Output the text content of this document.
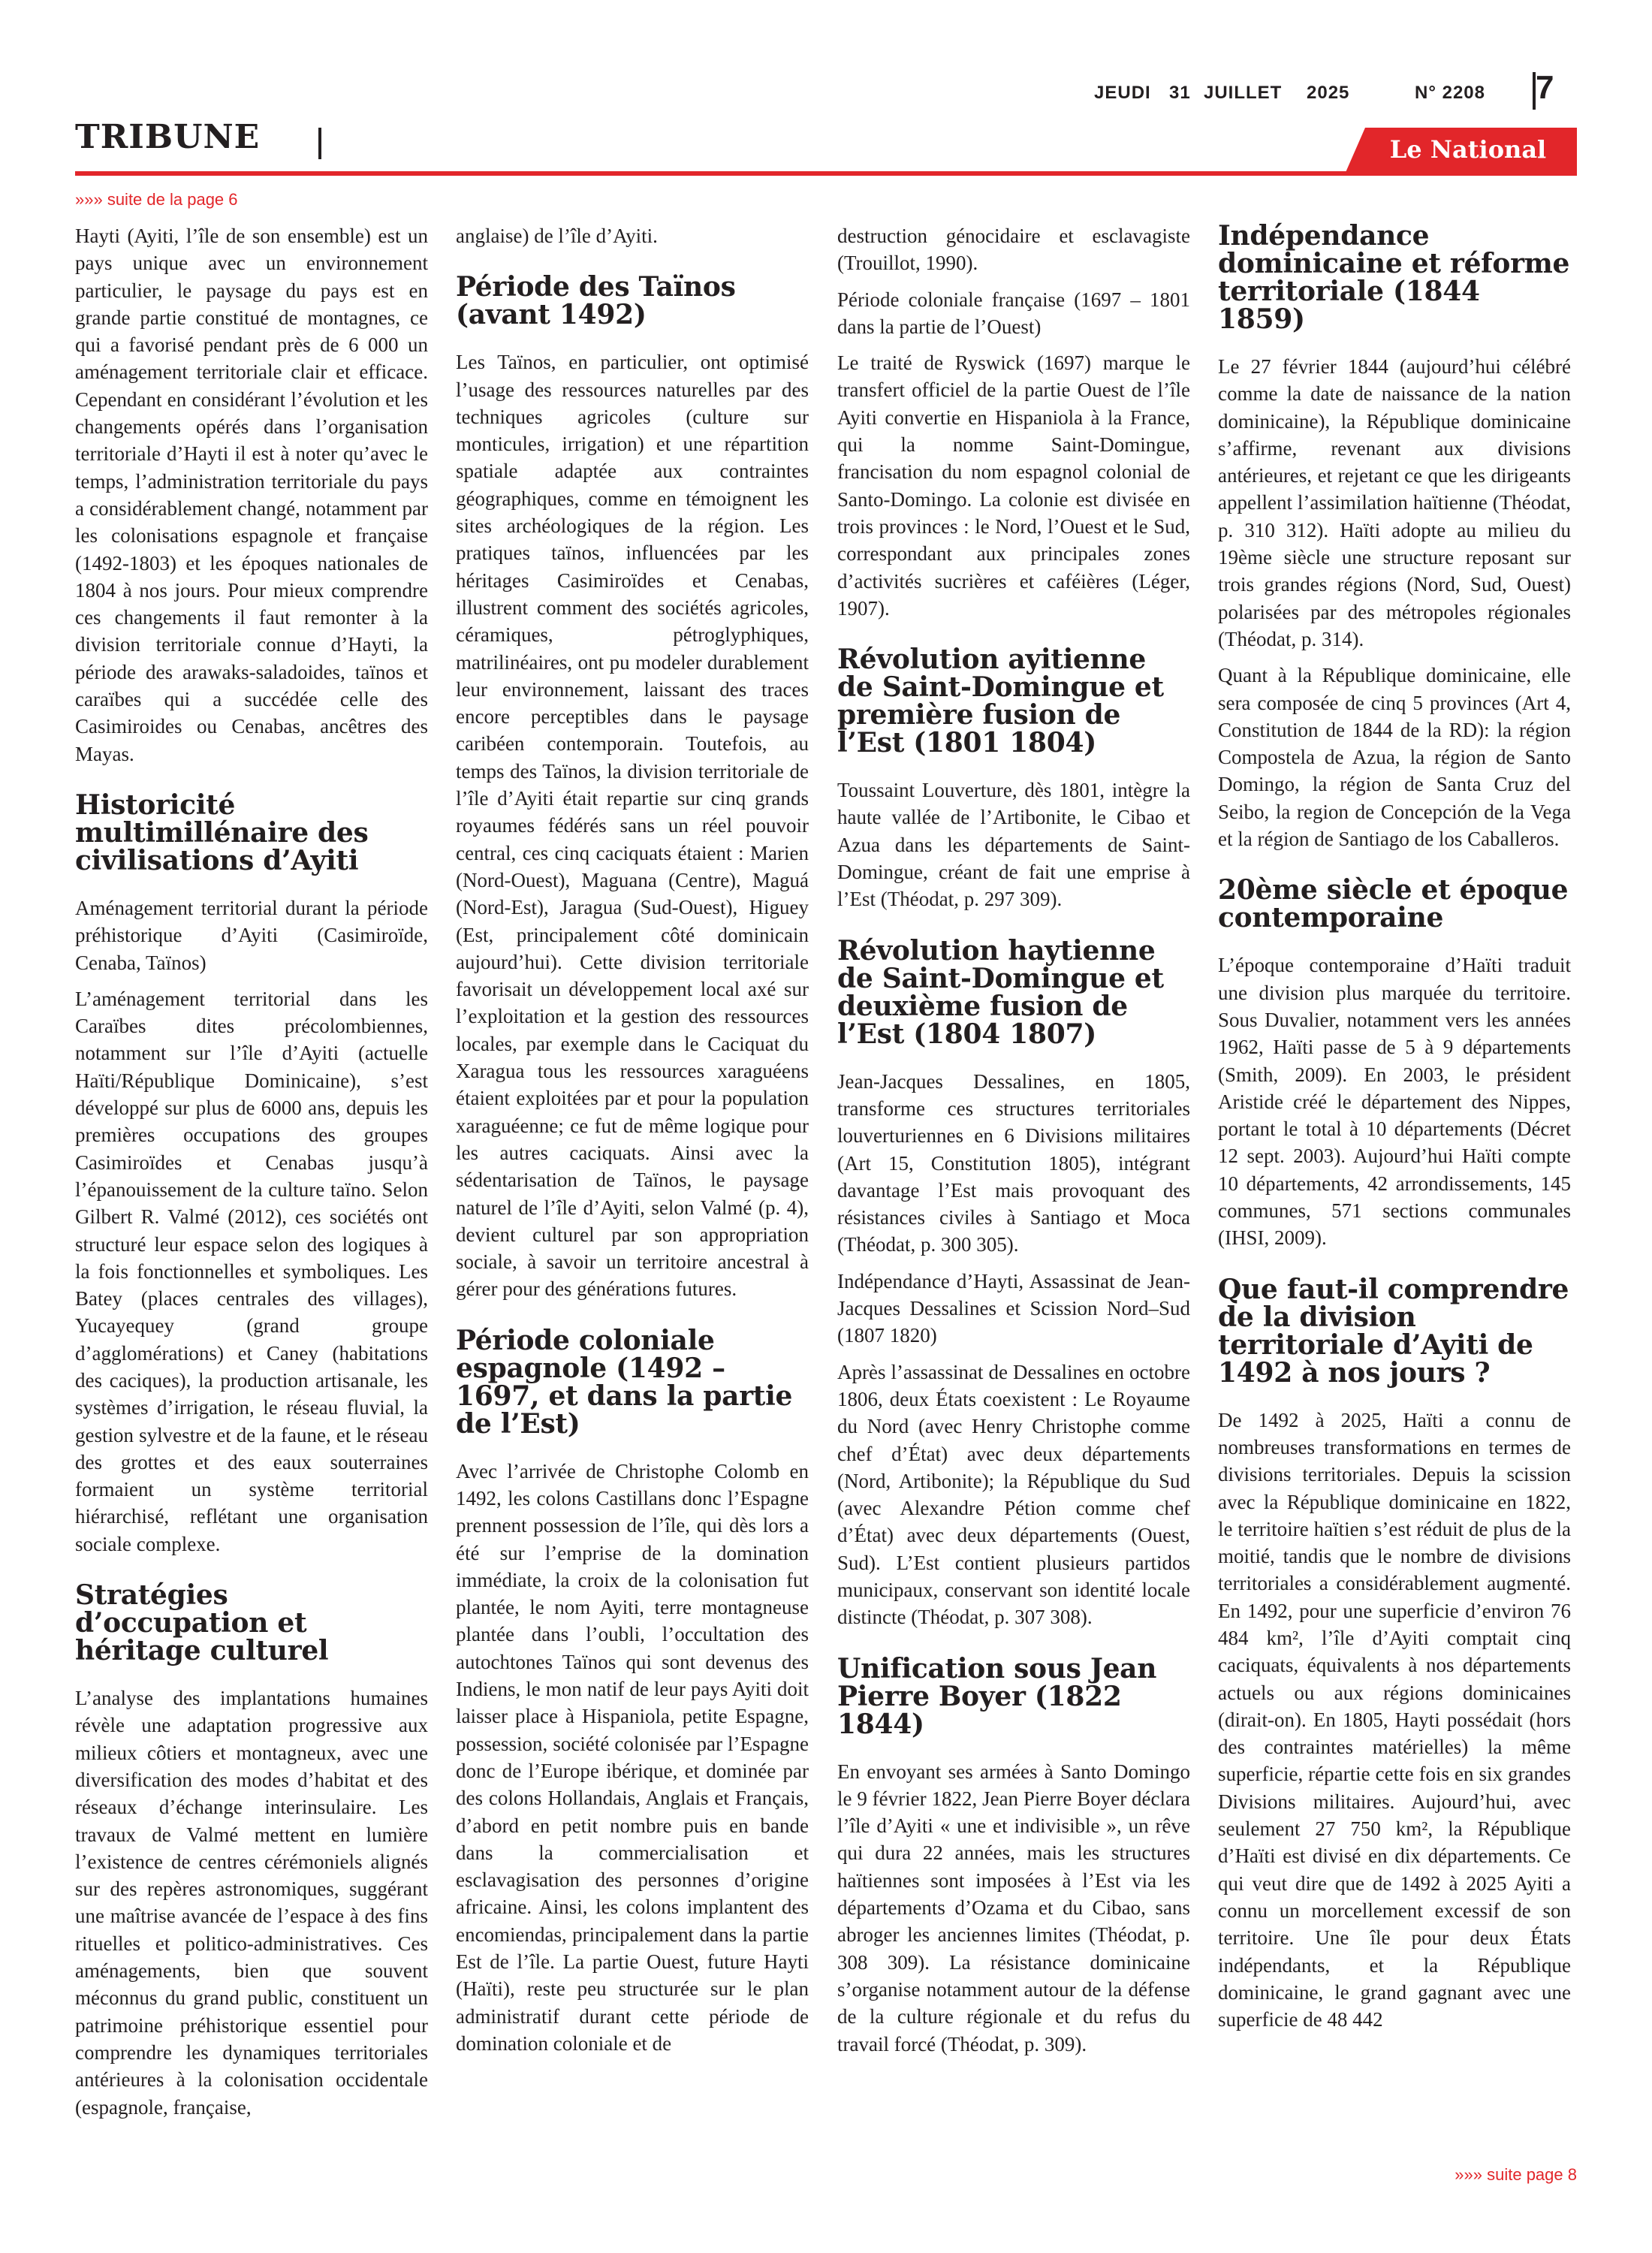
JEUDI 31 JUILLET 2025	N° 2208 7
TRIBUNE	Le National
»»» suite de la page 6

Hayti (Ayiti, l’île de son ensemble) est un pays unique avec un environnement particulier, le paysage du pays est en grande partie constitué de montagnes, ce qui a favorisé pendant près de 6 000 un aménagement territoriale clair et efficace. Cependant en considérant l’évolution et les changements opérés dans l’organisation territoriale d’Hayti il est à noter qu’avec le temps, l’administration territoriale du pays a considérablement changé, notamment par les colonisations espagnole et française (1492-1803) et les époques nationales de 1804 à nos jours. Pour mieux comprendre ces changements il faut remonter à la division territoriale connue d’Hayti, la période des arawaks-saladoides, taïnos et caraïbes qui a succédée celle des Casimiroides ou Cenabas, ancêtres des Mayas.

Historicité multimillénaire des civilisations d’Ayiti

Aménagement territorial durant la période préhistorique d’Ayiti (Casimiroïde, Cenaba, Taïnos)

L’aménagement territorial dans les Caraïbes dites précolombiennes, notamment sur l’île d’Ayiti (actuelle Haïti/République Dominicaine), s’est développé sur plus de 6000 ans, depuis les premières occupations des groupes Casimiroïdes et Cenabas jusqu’à l’épanouissement de la culture taïno. Selon Gilbert R. Valmé (2012), ces sociétés ont structuré leur espace selon des logiques à la fois fonctionnelles et symboliques. Les Batey (places centrales des villages), Yucayequey (grand groupe d’agglomérations) et Caney (habitations des caciques), la production artisanale, les systèmes d’irrigation, le réseau fluvial, la gestion sylvestre et de la faune, et le réseau des grottes et des eaux souterraines formaient un système territorial hiérarchisé, reflétant une organisation sociale complexe.

Stratégies d’occupation et héritage culturel

L’analyse des implantations humaines révèle une adaptation progressive aux milieux côtiers et montagneux, avec une diversification des modes d’habitat et des réseaux d’échange interinsulaire. Les travaux de Valmé mettent en lumière l’existence de centres cérémoniels alignés sur des repères astronomiques, suggérant une maîtrise avancée de l’espace à des fins rituelles et politico-administratives. Ces aménagements, bien que souvent méconnus du grand public, constituent un patrimoine préhistorique essentiel pour comprendre les dynamiques territoriales antérieures à la colonisation occidentale (espagnole, française,

anglaise) de l’île d’Ayiti.

Période des Taïnos (avant 1492)

Les Taïnos, en particulier, ont optimisé l’usage des ressources naturelles par des techniques agricoles (culture sur monticules, irrigation) et une répartition spatiale adaptée aux contraintes géographiques, comme en témoignent les sites archéologiques de la région. Les pratiques taïnos, influencées par les héritages Casimiroïdes et Cenabas, illustrent comment des sociétés agricoles, céramiques, pétroglyphiques, matrilinéaires, ont pu modeler durablement leur environnement, laissant des traces encore perceptibles dans le paysage caribéen contemporain. Toutefois, au temps des Taïnos, la division territoriale de l’île d’Ayiti était repartie sur cinq grands royaumes fédérés sans un réel pouvoir central, ces cinq caciquats étaient : Marien (Nord-Ouest), Maguana (Centre), Maguá (Nord-Est), Jaragua (Sud-Ouest), Higuey (Est, principalement côté dominicain aujourd’hui). Cette division territoriale favorisait un développement local axé sur l’exploitation et la gestion des ressources locales, par exemple dans le Caciquat du Xaragua tous les ressources xaraguéens étaient exploitées par et pour la population xaraguéenne; ce fut de même logique pour les autres caciquats. Ainsi avec la sédentarisation de Taïnos, le paysage naturel de l’île d’Ayiti, selon Valmé (p. 4), devient culturel par son appropriation sociale, à savoir un territoire ancestral à gérer pour des générations futures.

Période coloniale espagnole (1492 – 1697, et dans la partie de l’Est)

Avec l’arrivée de Christophe Colomb en 1492, les colons Castillans donc l’Espagne prennent possession de l’île, qui dès lors a été sur l’emprise de la domination immédiate, la croix de la colonisation fut plantée, le nom Ayiti, terre montagneuse plantée dans l’oubli, l’occultation des autochtones Taïnos qui sont devenus des Indiens, le mon natif de leur pays Ayiti doit laisser place à Hispaniola, petite Espagne, possession, société colonisée par l’Espagne donc de l’Europe ibérique, et dominée par des colons Hollandais, Anglais et Français, d’abord en petit nombre puis en bande dans la commercialisation et esclavagisation des personnes d’origine africaine. Ainsi, les colons implantent des encomiendas, principalement dans la partie Est de l’île. La partie Ouest, future Hayti (Haïti), reste peu structurée sur le plan administratif durant cette période de domination coloniale et de

destruction génocidaire et esclavagiste (Trouillot, 1990).

Période coloniale française (1697 – 1801 dans la partie de l’Ouest)

Le traité de Ryswick (1697) marque le transfert officiel de la partie Ouest de l’île Ayiti convertie en Hispaniola à la France, qui la nomme Saint-Domingue, francisation du nom espagnol colonial de Santo-Domingo. La colonie est divisée en trois provinces : le Nord, l’Ouest et le Sud, correspondant aux principales zones d’activités sucrières et caféières (Léger, 1907).

Révolution ayitienne de Saint-Domingue et première fusion de l’Est (1801 1804)

Toussaint Louverture, dès 1801, intègre la haute vallée de l’Artibonite, le Cibao et Azua dans les départements de Saint-Domingue, créant de fait une emprise à l’Est (Théodat, p. 297 309).

Révolution haytienne de Saint-Domingue et deuxième fusion de l’Est (1804 1807)

Jean-Jacques Dessalines, en 1805, transforme ces structures territoriales louverturiennes en 6 Divisions militaires (Art 15, Constitution 1805), intégrant davantage l’Est mais provoquant des résistances civiles à Santiago et Moca (Théodat, p. 300 305).

Indépendance d’Hayti, Assassinat de Jean-Jacques Dessalines et Scission Nord–Sud (1807 1820)

Après l’assassinat de Dessalines en octobre 1806, deux États coexistent : Le Royaume du Nord (avec Henry Christophe comme chef d’État) avec deux départements (Nord, Artibonite); la République du Sud (avec Alexandre Pétion comme chef d’État) avec deux départements (Ouest, Sud). L’Est contient plusieurs partidos municipaux, conservant son identité locale distincte (Théodat, p. 307 308).

Unification sous Jean Pierre Boyer (1822 1844)

En envoyant ses armées à Santo Domingo le 9 février 1822, Jean Pierre Boyer déclara l’île d’Ayiti « une et indivisible », un rêve qui dura 22 années, mais les structures haïtiennes sont imposées à l’Est via les départements d’Ozama et du Cibao, sans abroger les anciennes limites (Théodat, p. 308 309). La résistance dominicaine s’organise notamment autour de la défense de la culture régionale et du refus du travail forcé (Théodat, p. 309).

Indépendance dominicaine et réforme territoriale (1844 1859)

Le 27 février 1844 (aujourd’hui célébré comme la date de naissance de la nation dominicaine), la République dominicaine s’affirme, revenant aux divisions antérieures, et rejetant ce que les dirigeants appellent l’assimilation haïtienne (Théodat, p. 310 312). Haïti adopte au milieu du 19ème siècle une structure reposant sur trois grandes régions (Nord, Sud, Ouest) polarisées par des métropoles régionales (Théodat, p. 314).

Quant à la République dominicaine, elle sera composée de cinq 5 provinces (Art 4, Constitution de 1844 de la RD): la région Compostela de Azua, la région de Santo Domingo, la région de Santa Cruz del Seibo, la region de Concepción de la Vega et la région de Santiago de los Caballeros.

20ème siècle et époque contemporaine

L’époque contemporaine d’Haïti traduit une division plus marquée du territoire. Sous Duvalier, notamment vers les années 1962, Haïti passe de 5 à 9 départements (Smith, 2009). En 2003, le président Aristide créé le département des Nippes, portant le total à 10 départements (Décret 12 sept. 2003). Aujourd’hui Haïti compte 10 départements, 42 arrondissements, 145 communes, 571 sections communales (IHSI, 2009).

Que faut-il comprendre de la division territoriale d’Ayiti de 1492 à nos jours ?

De 1492 à 2025, Haïti a connu de nombreuses transformations en termes de divisions territoriales. Depuis la scission avec la République dominicaine en 1822, le territoire haïtien s’est réduit de plus de la moitié, tandis que le nombre de divisions territoriales a considérablement augmenté. En 1492, pour une superficie d’environ 76 484 km², l’île d’Ayiti comptait cinq caciquats, équivalents à nos départements actuels ou aux régions dominicaines (dirait-on). En 1805, Hayti possédait (hors des contraintes matérielles) la même superficie, répartie cette fois en six grandes Divisions militaires. Aujourd’hui, avec seulement 27 750 km², la République d’Haïti est divisé en dix départements. Ce qui veut dire que de 1492 à 2025 Ayiti a connu un morcellement excessif de son territoire. Une île pour deux États indépendants, et la République dominicaine, le grand gagnant avec une superficie de 48 442

»»» suite page 8
